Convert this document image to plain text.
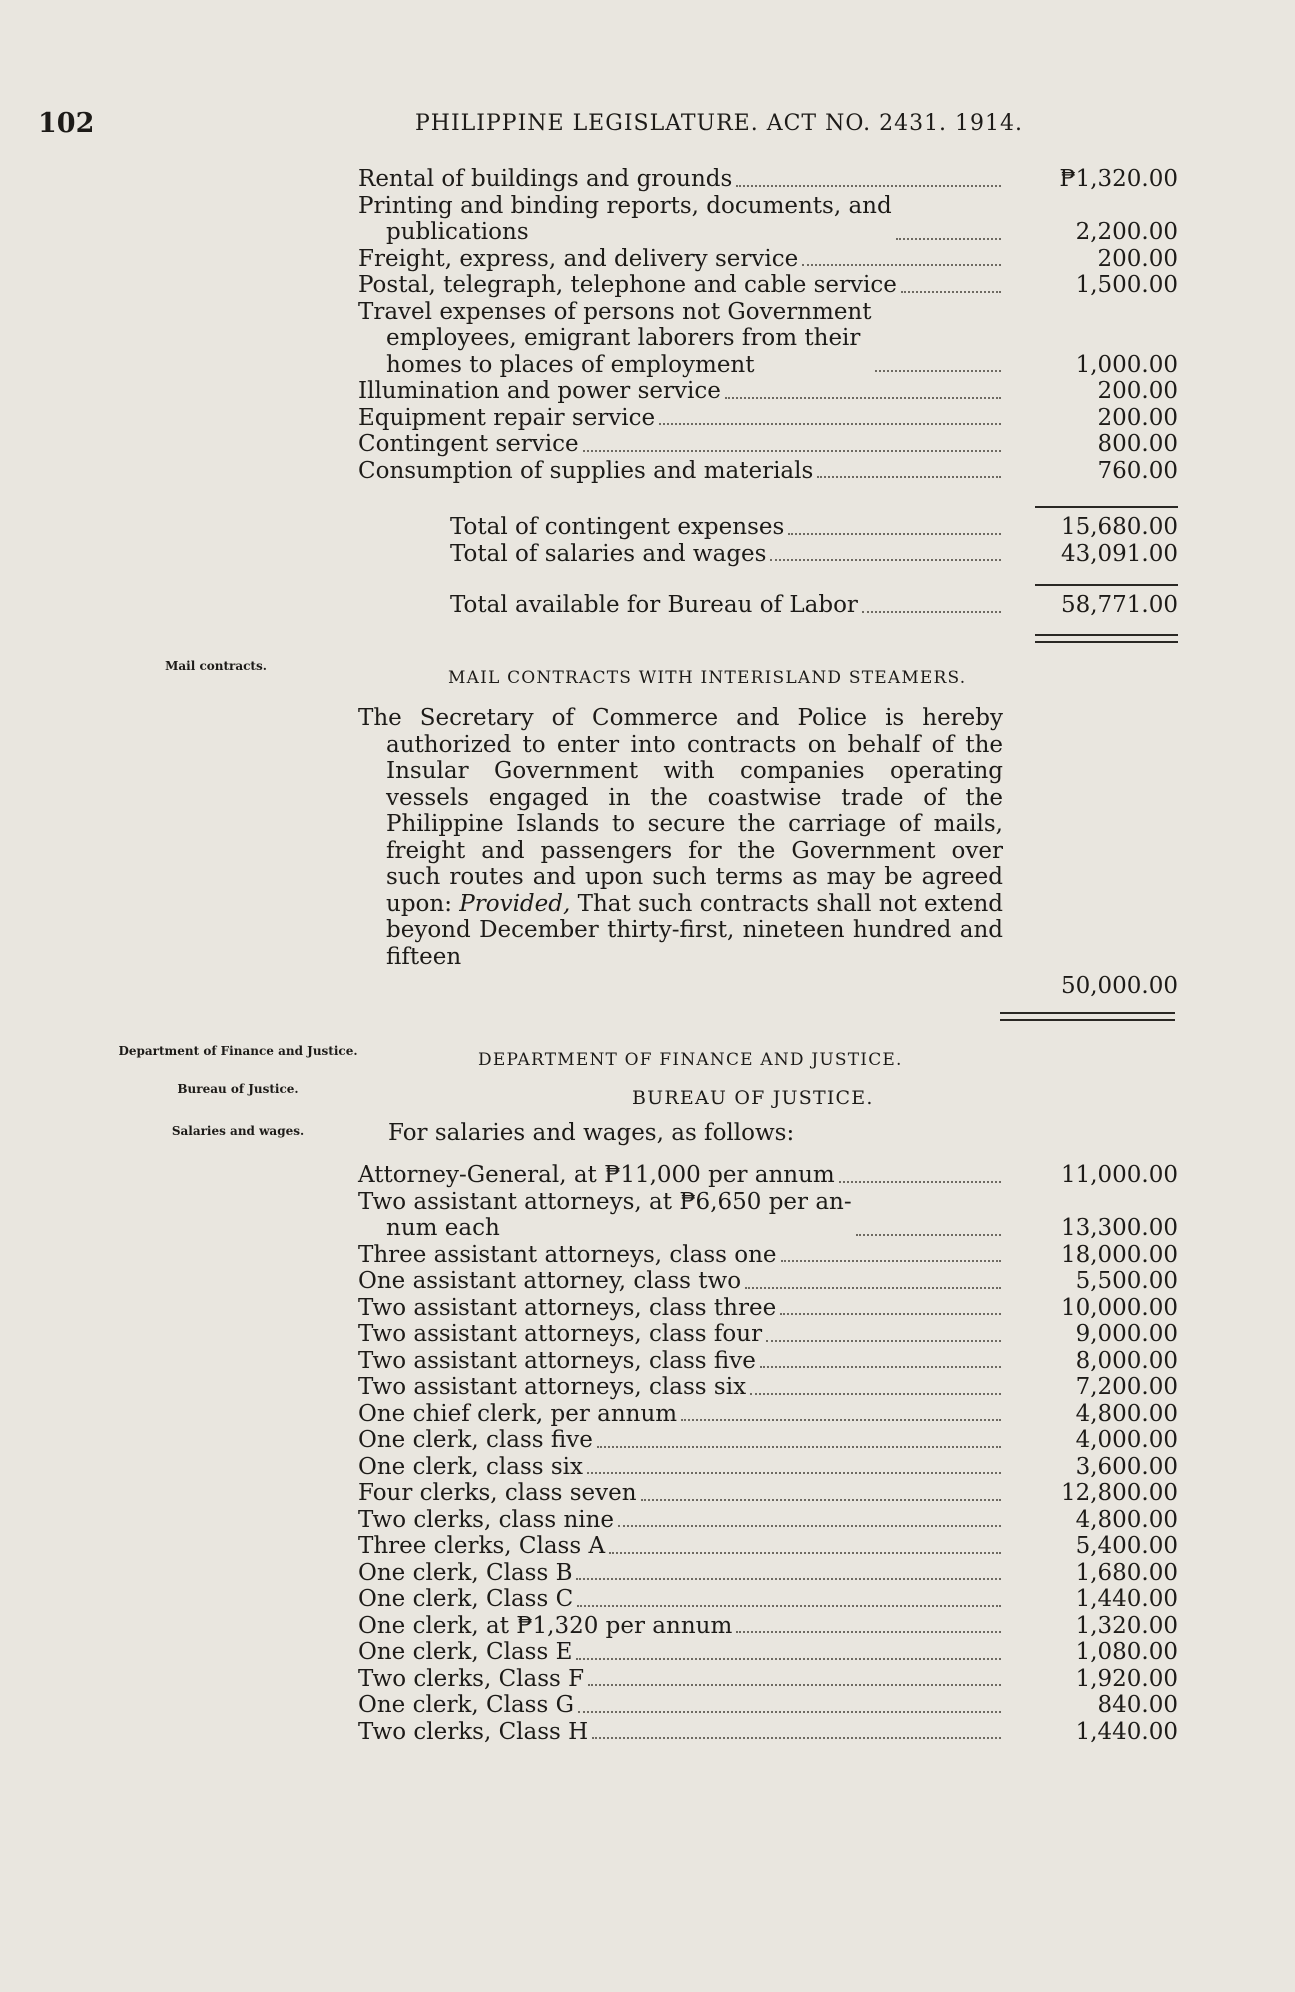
102	PHILIPPINE LEGISLATURE. ACT NO. 2431. 1914.
Rental of buildings and grounds	₱1,320.00
Printing and binding reports, documents, and
publications	2,200.00
Freight, express, and delivery service	200.00
Postal, telegraph, telephone and cable service	1,500.00
Travel expenses of persons not Government
employees, emigrant laborers from their
homes to places of employment	1,000.00
Illumination and power service	200.00
Equipment repair service	200.00
Contingent service	800.00
Consumption of supplies and materials	760.00
Total of contingent expenses	15,680.00
Total of salaries and wages	43,091.00
Total available for Bureau of Labor	58,771.00
Mail contracts.
MAIL CONTRACTS WITH INTERISLAND STEAMERS.
The Secretary of Commerce and Police is hereby authorized to enter into contracts on behalf of the Insular Government with companies operating vessels engaged in the coastwise trade of the Philippine Islands to secure the carriage of mails, freight and passengers for the Government over such routes and upon such terms as may be agreed upon: Provided, That such contracts shall not extend beyond December thirty-first, nineteen hundred and fifteen
50,000.00
Department of Finance and Justice.
Bureau of Justice.
Salaries and wages.
DEPARTMENT OF FINANCE AND JUSTICE.
BUREAU OF JUSTICE.
For salaries and wages, as follows:
Attorney-General, at ₱11,000 per annum	11,000.00
Two assistant attorneys, at ₱6,650 per an-
num each	13,300.00
Three assistant attorneys, class one	18,000.00
One assistant attorney, class two	5,500.00
Two assistant attorneys, class three	10,000.00
Two assistant attorneys, class four	9,000.00
Two assistant attorneys, class five	8,000.00
Two assistant attorneys, class six	7,200.00
One chief clerk, per annum	4,800.00
One clerk, class five	4,000.00
One clerk, class six	3,600.00
Four clerks, class seven	12,800.00
Two clerks, class nine	4,800.00
Three clerks, Class A	5,400.00
One clerk, Class B	1,680.00
One clerk, Class C	1,440.00
One clerk, at ₱1,320 per annum	1,320.00
One clerk, Class E	1,080.00
Two clerks, Class F	1,920.00
One clerk, Class G	840.00
Two clerks, Class H	1,440.00
